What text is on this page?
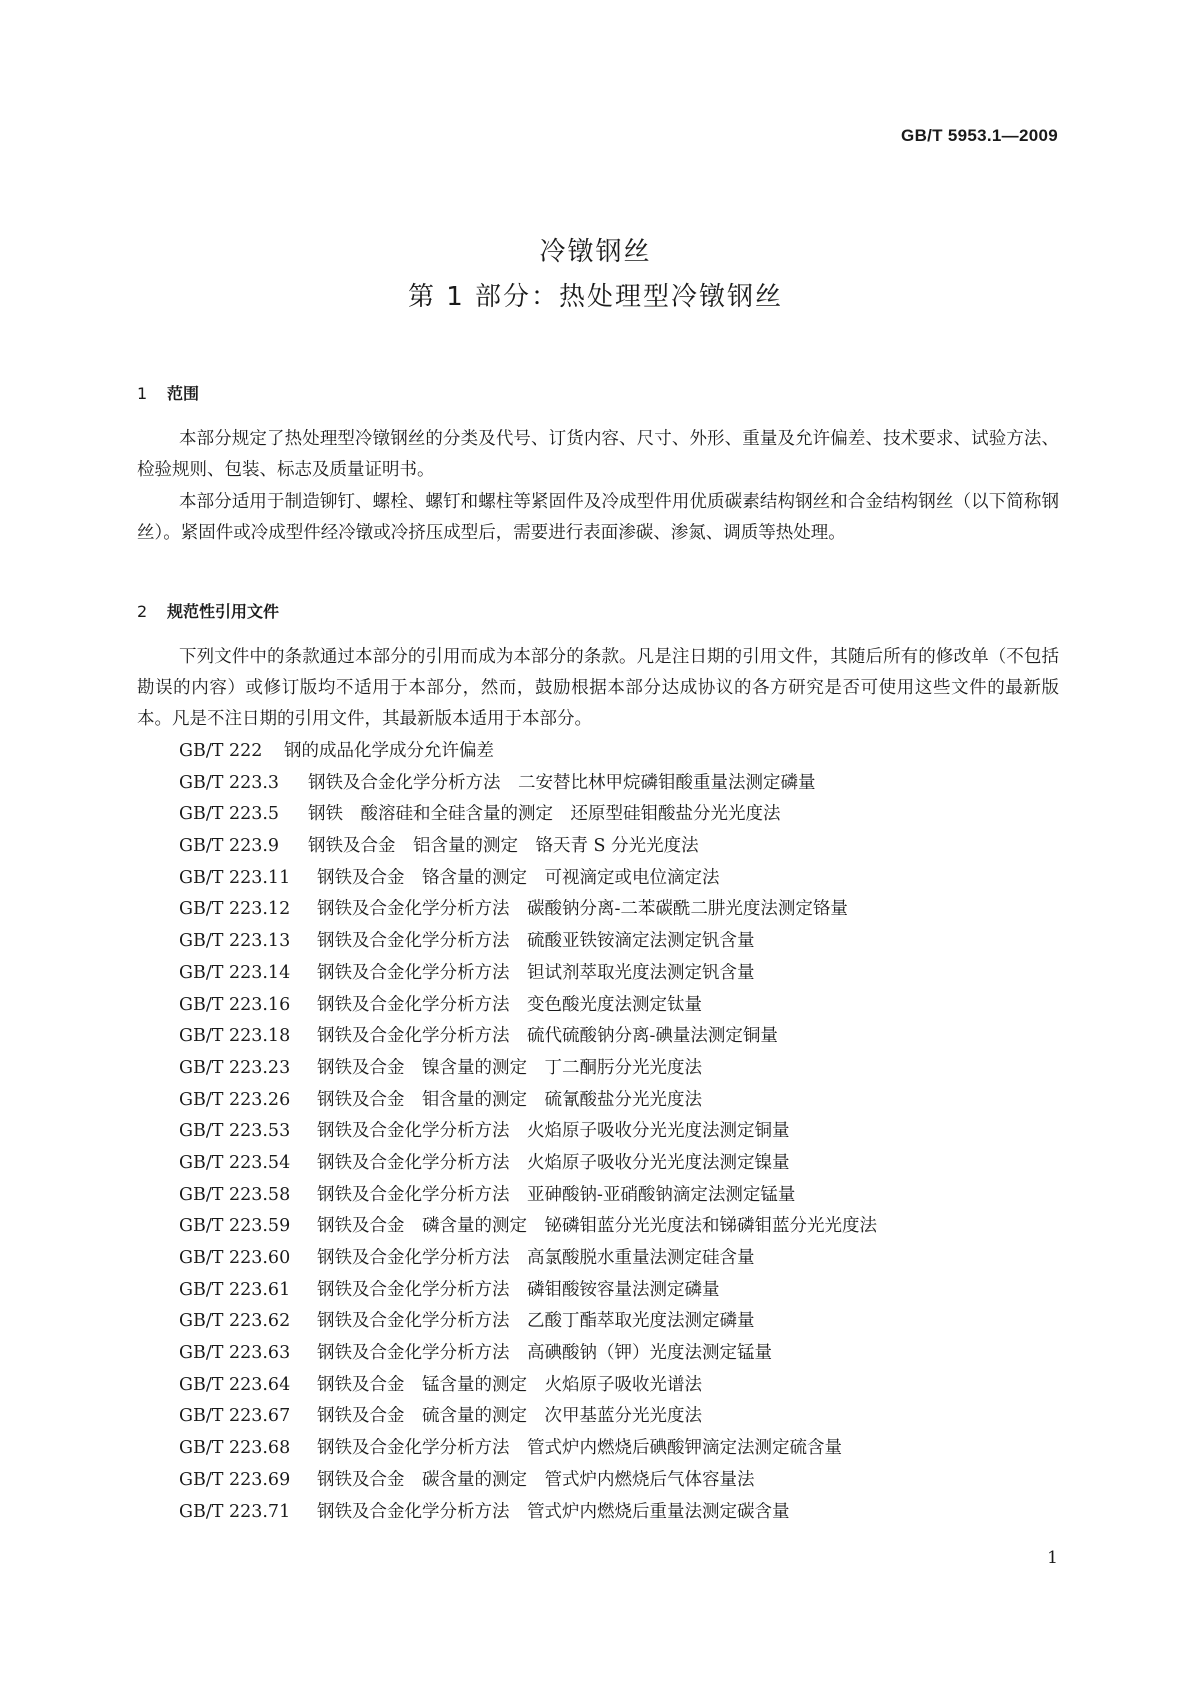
GB/T 5953.1—2009
冷镦钢丝
第 1 部分：热处理型冷镦钢丝
1 范围
本部分规定了热处理型冷镦钢丝的分类及代号、订货内容、尺寸、外形、重量及允许偏差、技术要求、试验方法、检验规则、包装、标志及质量证明书。
本部分适用于制造铆钉、螺栓、螺钉和螺柱等紧固件及冷成型件用优质碳素结构钢丝和合金结构钢丝（以下简称钢丝）。紧固件或冷成型件经冷镦或冷挤压成型后，需要进行表面渗碳、渗氮、调质等热处理。
2 规范性引用文件
下列文件中的条款通过本部分的引用而成为本部分的条款。凡是注日期的引用文件，其随后所有的修改单（不包括勘误的内容）或修订版均不适用于本部分，然而，鼓励根据本部分达成协议的各方研究是否可使用这些文件的最新版本。凡是不注日期的引用文件，其最新版本适用于本部分。
GB/T 222 钢的成品化学成分允许偏差
GB/T 223.3 钢铁及合金化学分析方法　二安替比林甲烷磷钼酸重量法测定磷量
GB/T 223.5 钢铁　酸溶硅和全硅含量的测定　还原型硅钼酸盐分光光度法
GB/T 223.9 钢铁及合金　铝含量的测定　铬天青 S 分光光度法
GB/T 223.11 钢铁及合金　铬含量的测定　可视滴定或电位滴定法
GB/T 223.12 钢铁及合金化学分析方法　碳酸钠分离-二苯碳酰二肼光度法测定铬量
GB/T 223.13 钢铁及合金化学分析方法　硫酸亚铁铵滴定法测定钒含量
GB/T 223.14 钢铁及合金化学分析方法　钽试剂萃取光度法测定钒含量
GB/T 223.16 钢铁及合金化学分析方法　变色酸光度法测定钛量
GB/T 223.18 钢铁及合金化学分析方法　硫代硫酸钠分离-碘量法测定铜量
GB/T 223.23 钢铁及合金　镍含量的测定　丁二酮肟分光光度法
GB/T 223.26 钢铁及合金　钼含量的测定　硫氰酸盐分光光度法
GB/T 223.53 钢铁及合金化学分析方法　火焰原子吸收分光光度法测定铜量
GB/T 223.54 钢铁及合金化学分析方法　火焰原子吸收分光光度法测定镍量
GB/T 223.58 钢铁及合金化学分析方法　亚砷酸钠-亚硝酸钠滴定法测定锰量
GB/T 223.59 钢铁及合金　磷含量的测定　铋磷钼蓝分光光度法和锑磷钼蓝分光光度法
GB/T 223.60 钢铁及合金化学分析方法　高氯酸脱水重量法测定硅含量
GB/T 223.61 钢铁及合金化学分析方法　磷钼酸铵容量法测定磷量
GB/T 223.62 钢铁及合金化学分析方法　乙酸丁酯萃取光度法测定磷量
GB/T 223.63 钢铁及合金化学分析方法　高碘酸钠（钾）光度法测定锰量
GB/T 223.64 钢铁及合金　锰含量的测定　火焰原子吸收光谱法
GB/T 223.67 钢铁及合金　硫含量的测定　次甲基蓝分光光度法
GB/T 223.68 钢铁及合金化学分析方法　管式炉内燃烧后碘酸钾滴定法测定硫含量
GB/T 223.69 钢铁及合金　碳含量的测定　管式炉内燃烧后气体容量法
GB/T 223.71 钢铁及合金化学分析方法　管式炉内燃烧后重量法测定碳含量
1
